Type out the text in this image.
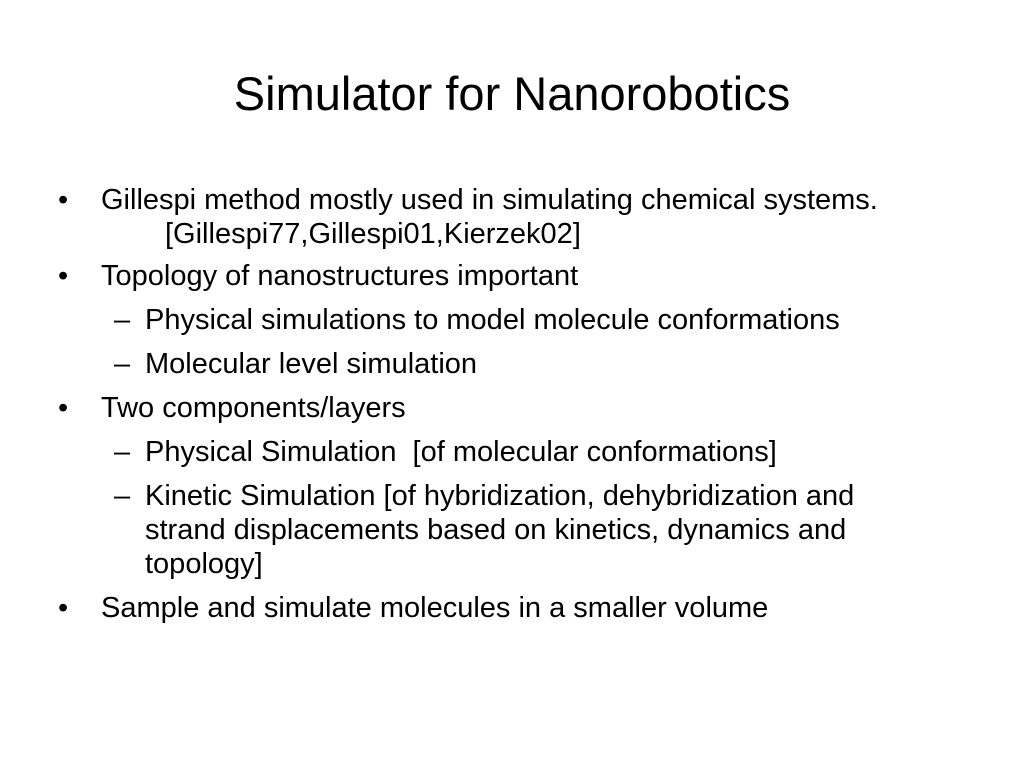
Simulator for Nanorobotics
• Gillespi method mostly used in simulating chemical systems.
[Gillespi77,Gillespi01,Kierzek02]
• Topology of nanostructures important
– Physical simulations to model molecule conformations
– Molecular level simulation
• Two components/layers
– Physical Simulation  [of molecular conformations]
– Kinetic Simulation [of hybridization, dehybridization and strand displacements based on kinetics, dynamics and topology]
• Sample and simulate molecules in a smaller volume
